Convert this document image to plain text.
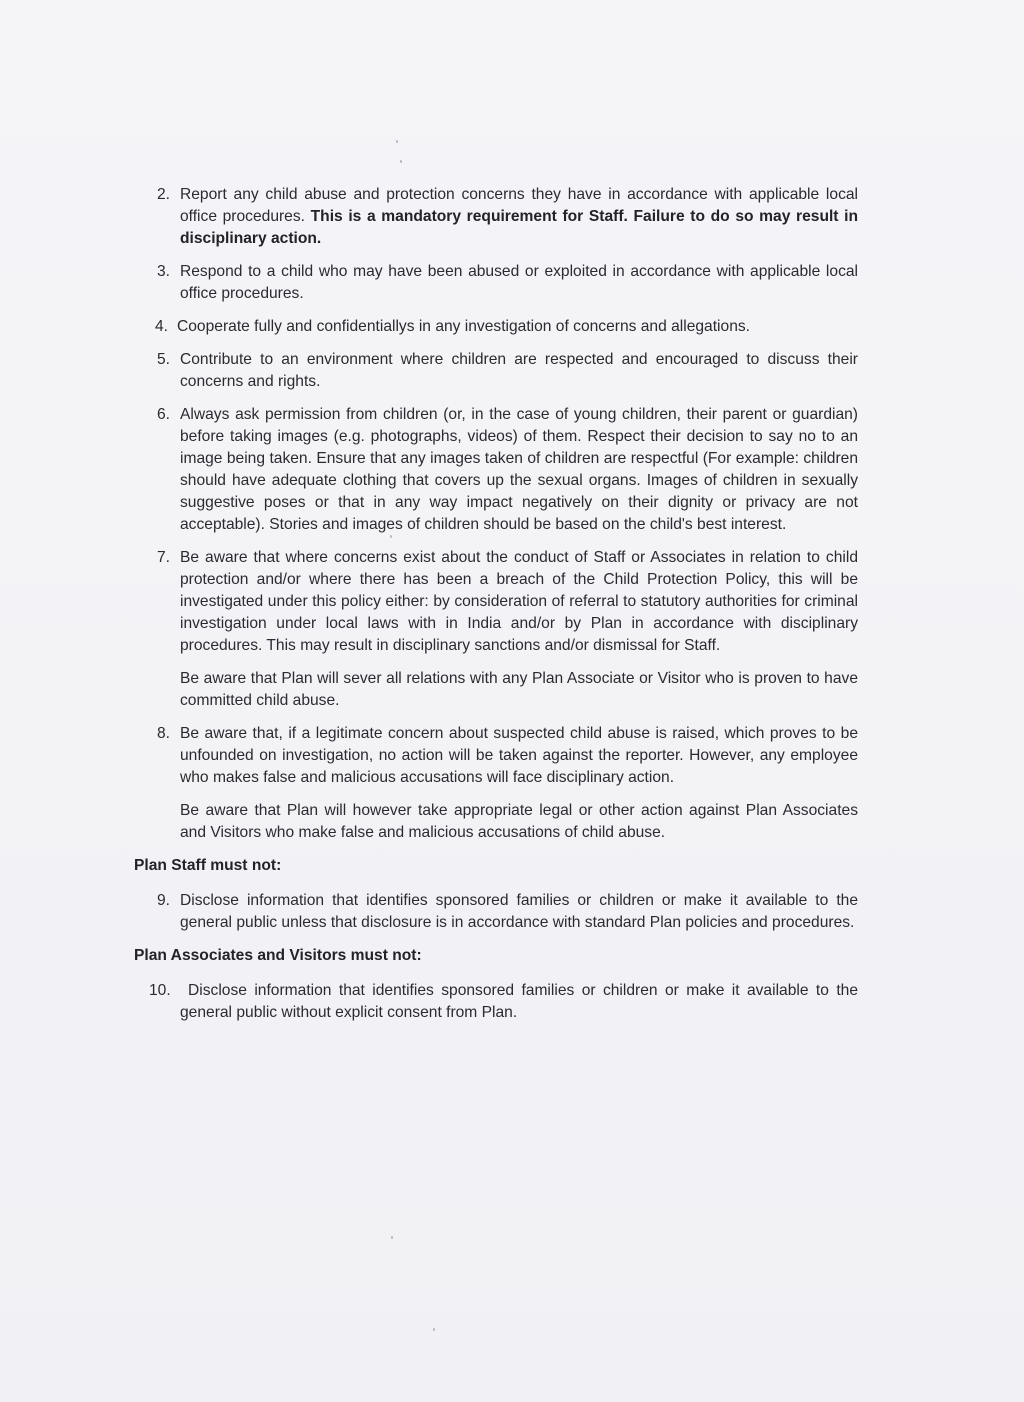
2. Report any child abuse and protection concerns they have in accordance with applicable local office procedures. This is a mandatory requirement for Staff. Failure to do so may result in disciplinary action.

3. Respond to a child who may have been abused or exploited in accordance with applicable local office procedures.

4. Cooperate fully and confidentiallys in any investigation of concerns and allegations.

5. Contribute to an environment where children are respected and encouraged to discuss their concerns and rights.

6. Always ask permission from children (or, in the case of young children, their parent or guardian) before taking images (e.g. photographs, videos) of them. Respect their decision to say no to an image being taken. Ensure that any images taken of children are respectful (For example: children should have adequate clothing that covers up the sexual organs. Images of children in sexually suggestive poses or that in any way impact negatively on their dignity or privacy are not acceptable). Stories and images of children should be based on the child's best interest.

7. Be aware that where concerns exist about the conduct of Staff or Associates in relation to child protection and/or where there has been a breach of the Child Protection Policy, this will be investigated under this policy either: by consideration of referral to statutory authorities for criminal investigation under local laws with in India and/or by Plan in accordance with disciplinary procedures. This may result in disciplinary sanctions and/or dismissal for Staff.

Be aware that Plan will sever all relations with any Plan Associate or Visitor who is proven to have committed child abuse.

8. Be aware that, if a legitimate concern about suspected child abuse is raised, which proves to be unfounded on investigation, no action will be taken against the reporter. However, any employee who makes false and malicious accusations will face disciplinary action.

Be aware that Plan will however take appropriate legal or other action against Plan Associates and Visitors who make false and malicious accusations of child abuse.

Plan Staff must not:
9. Disclose information that identifies sponsored families or children or make it available to the general public unless that disclosure is in accordance with standard Plan policies and procedures.

Plan Associates and Visitors must not:
10.	Disclose information that identifies sponsored families or children or make it available to the general public without explicit consent from Plan.
